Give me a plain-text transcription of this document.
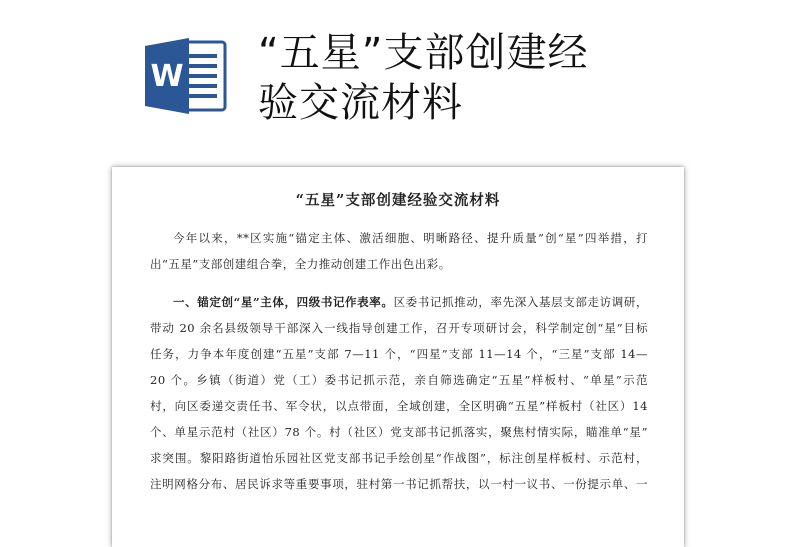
W
“五星”支部创建经
验交流材料
“五星”支部创建经验交流材料
今年以来，**区实施“锚定主体、激活细胞、明晰路径、提升质量”创“星”四举措，打
出“五星”支部创建组合拳，全力推动创建工作出色出彩。
一、锚定创“星”主体，四级书记作表率。区委书记抓推动，率先深入基层支部走访调研，
带动 20 余名县级领导干部深入一线指导创建工作，召开专项研讨会，科学制定创“星”目标
任务，力争本年度创建“五星”支部 7—11 个，“四星”支部 11—14 个，“三星”支部 14—
20 个。乡镇（街道）党（工）委书记抓示范，亲自筛选确定“五星”样板村、“单星”示范
村，向区委递交责任书、军令状，以点带面，全域创建，全区明确“五星”样板村（社区）14
个、单星示范村（社区）78 个。村（社区）党支部书记抓落实，聚焦村情实际，瞄准单“星”
求突围。黎阳路街道怡乐园社区党支部书记手绘创星“作战图”，标注创星样板村、示范村，
注明网格分布、居民诉求等重要事项，驻村第一书记抓帮扶，以一村一议书、一份提示单、一
